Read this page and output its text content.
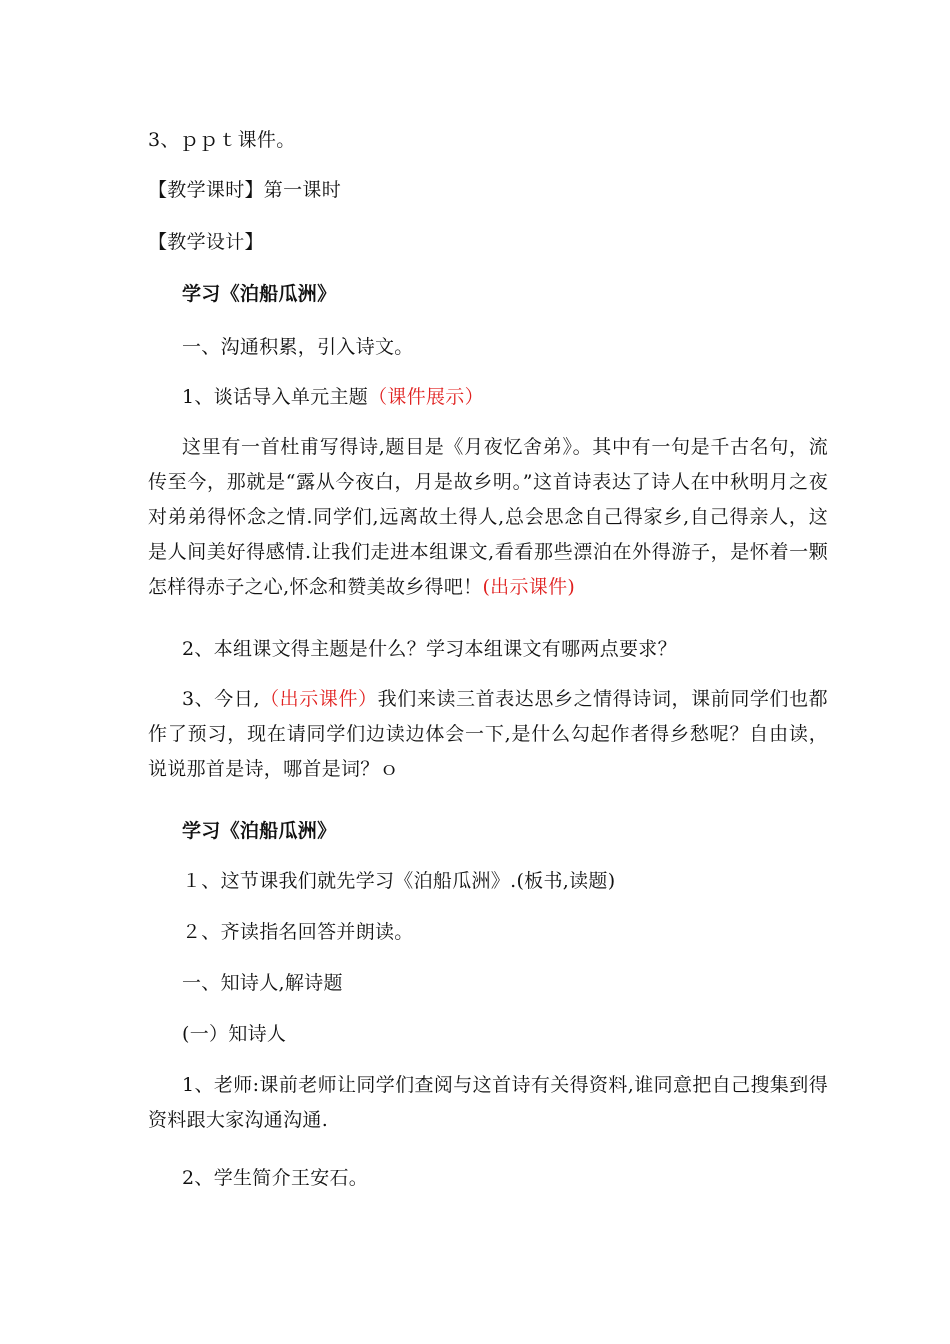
3、ｐｐｔ课件。
【教学课时】第一课时
【教学设计】
学习《泊船瓜洲》
一、沟通积累，引入诗文。
1、谈话导入单元主题（课件展示）
这里有一首杜甫写得诗,题目是《月夜忆舍弟》。其中有一句是千古名句，流传至今，那就是“露从今夜白，月是故乡明。”这首诗表达了诗人在中秋明月之夜对弟弟得怀念之情.同学们,远离故土得人,总会思念自己得家乡,自己得亲人，这是人间美好得感情.让我们走进本组课文,看看那些漂泊在外得游子，是怀着一颗怎样得赤子之心,怀念和赞美故乡得吧！(出示课件)
2、本组课文得主题是什么？学习本组课文有哪两点要求？
3、今日,（出示课件）我们来读三首表达思乡之情得诗词，课前同学们也都作了预习，现在请同学们边读边体会一下,是什么勾起作者得乡愁呢？自由读，说说那首是诗，哪首是词？ｏ
学习《泊船瓜洲》
１、这节课我们就先学习《泊船瓜洲》.(板书,读题)
２、齐读指名回答并朗读。
一、知诗人,解诗题
(一）知诗人
1、老师:课前老师让同学们查阅与这首诗有关得资料,谁同意把自己搜集到得资料跟大家沟通沟通.
2、学生简介王安石。
